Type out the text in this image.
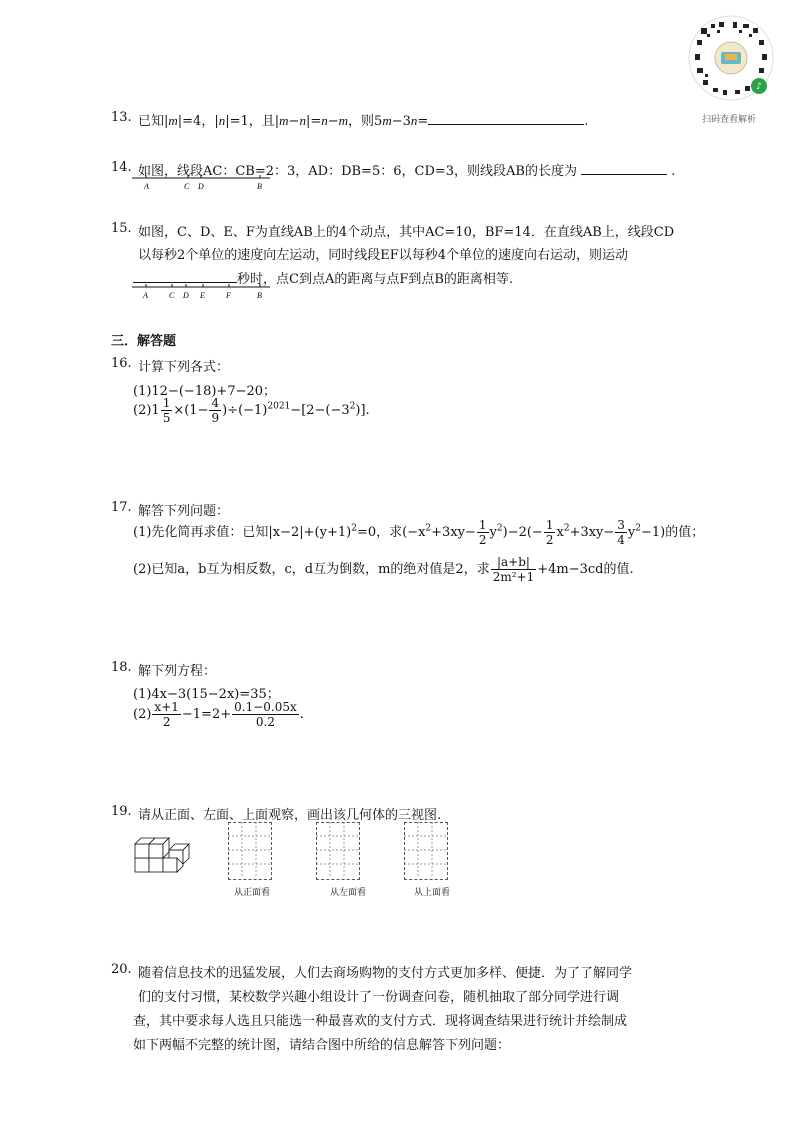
♪
扫码查看解析
13. 已知|m|=4，|n|=1，且|m−n|=n−m，则5m−3n=	.
14. 如图，线段AC：CB=2：3，AD：DB=5：6，CD=3，则线段AB的长度为	.
A	C D	B
15. 如图，C、D、E、F为直线AB上的4个动点，其中AC=10，BF=14．在直线AB上，线段CD
以每秒2个单位的速度向左运动，同时线段EF以每秒4个单位的速度向右运动，则运动
秒时，点C到点A的距离与点F到点B的距离相等.
A	C D E	F	B
三．解答题
16. 计算下列各式：
(1)12−(−18)+7−20；
$(2)1 \frac{1}{5} \times(1- \frac{4}{9} )\div(-1)^{2021}-[2-(-3^2)]$.
17. 解答下列问题：
(1)先化简再求值：已知$|x-2|+(y+1)^2=0$，求$(-x^2+3xy- \frac{1}{2} y^2)-2(- \frac{1}{2} x^2+3xy- \frac{3}{4} y^2-1)$的值；
(2)已知a，b互为相反数，c，d互为倒数，m的绝对值是2，求 $\frac{|a+b|}{\text{2m²+1}} +4m-3cd$的值.
18. 解下列方程：
(1)4x−3(15−2x)=35；
$(2) \frac{x+1}{2} -1=2+ \frac{0.1-0.05x}{0.2}$ .
19. 请从正面、左面、上面观察，画出该几何体的三视图.
从正面看	从左面看	从上面看
20. 随着信息技术的迅猛发展，人们去商场购物的支付方式更加多样、便捷．为了了解同学
们的支付习惯，某校数学兴趣小组设计了一份调查问卷，随机抽取了部分同学进行调
查，其中要求每人选且只能选一种最喜欢的支付方式．现将调查结果进行统计并绘制成
如下两幅不完整的统计图，请结合图中所给的信息解答下列问题：
